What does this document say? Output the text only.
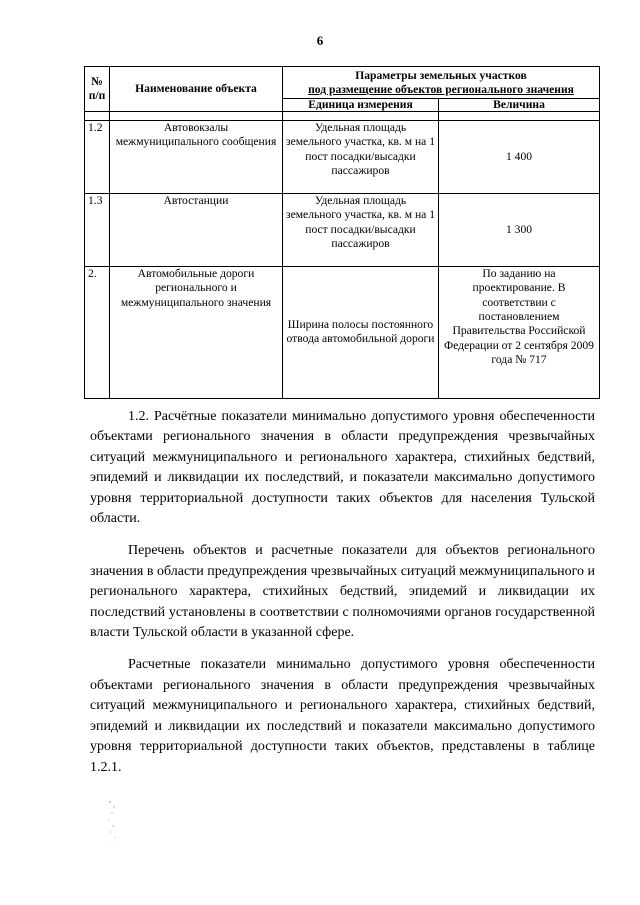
6
№ п/п	Наименование объекта	Параметры земельных участков
под размещение объектов регионального значения	

		Единица измерения	Величина

1.2	Автовокзалы межмуниципального сообщения	Удельная площадь земельного участка, кв. м на 1 пост посадки/высадки пассажиров	1 400
1.3	Автостанции	Удельная площадь земельного участка, кв. м на 1 пост посадки/высадки пассажиров	1 300
2.	Автомобильные дороги регионального и межмуниципального значения	Ширина полосы постоянного отвода автомобильной дороги	По заданию на проектирование. В соответствии с постановлением Правительства Российской Федерации от 2 сентября 2009 года № 717

1.2. Расчётные показатели минимально допустимого уровня обеспеченности объектами регионального значения в области предупреждения чрезвычайных ситуаций межмуниципального и регионального характера, стихийных бедствий, эпидемий и ликвидации их последствий, и показатели максимально допустимого уровня территориальной доступности таких объектов для населения Тульской области.

Перечень объектов и расчетные показатели для объектов регионального значения в области предупреждения чрезвычайных ситуаций межмуниципального и регионального характера, стихийных бедствий, эпидемий и ликвидации их последствий установлены в соответствии с полномочиями органов государственной власти Тульской области в указанной сфере.

Расчетные показатели минимально допустимого уровня обеспеченности объектами регионального значения в области предупреждения чрезвычайных ситуаций межмуниципального и регионального характера, стихийных бедствий, эпидемий и ликвидации их последствий и показатели максимально допустимого уровня территориальной доступности таких объектов, представлены в таблице 1.2.1.
